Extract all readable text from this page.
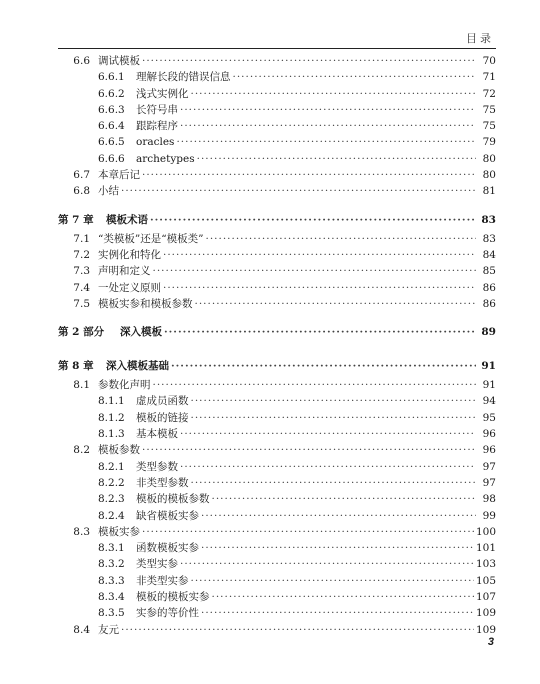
目录
6.6 调试模板 ·····	70
6.6.1	理解长段的错误信息 ·····	71
6.6.2	浅式实例化 ·····	72
6.6.3	长符号串 ·····	75
6.6.4	跟踪程序 ·····	75
6.6.5	oracles ·····	79
6.6.6	archetypes ·····	80
6.7 本章后记 ·····	80
6.8 小结 ·····	81
第 7 章	模板术语 ·····	83
7.1 “类模板”还是“模板类” ·····	83
7.2 实例化和特化 ·····	84
7.3 声明和定义 ·····	85
7.4 一处定义原则 ·····	86
7.5 模板实参和模板参数 ·····	86
第 2 部分	深入模板 ·····	89
第 8 章	深入模板基础 ·····	91
8.1 参数化声明 ·····	91
8.1.1	虚成员函数 ·····	94
8.1.2	模板的链接 ·····	95
8.1.3	基本模板 ·····	96
8.2 模板参数 ·····	96
8.2.1	类型参数 ·····	97
8.2.2	非类型参数 ·····	97
8.2.3	模板的模板参数 ·····	98
8.2.4	缺省模板实参 ·····	99
8.3 模板实参 ·····	100
8.3.1	函数模板实参 ·····	101
8.3.2	类型实参 ·····	103
8.3.3	非类型实参 ·····	105
8.3.4	模板的模板实参 ·····	107
8.3.5	实参的等价性 ·····	109
8.4 友元 ·····	109
3
